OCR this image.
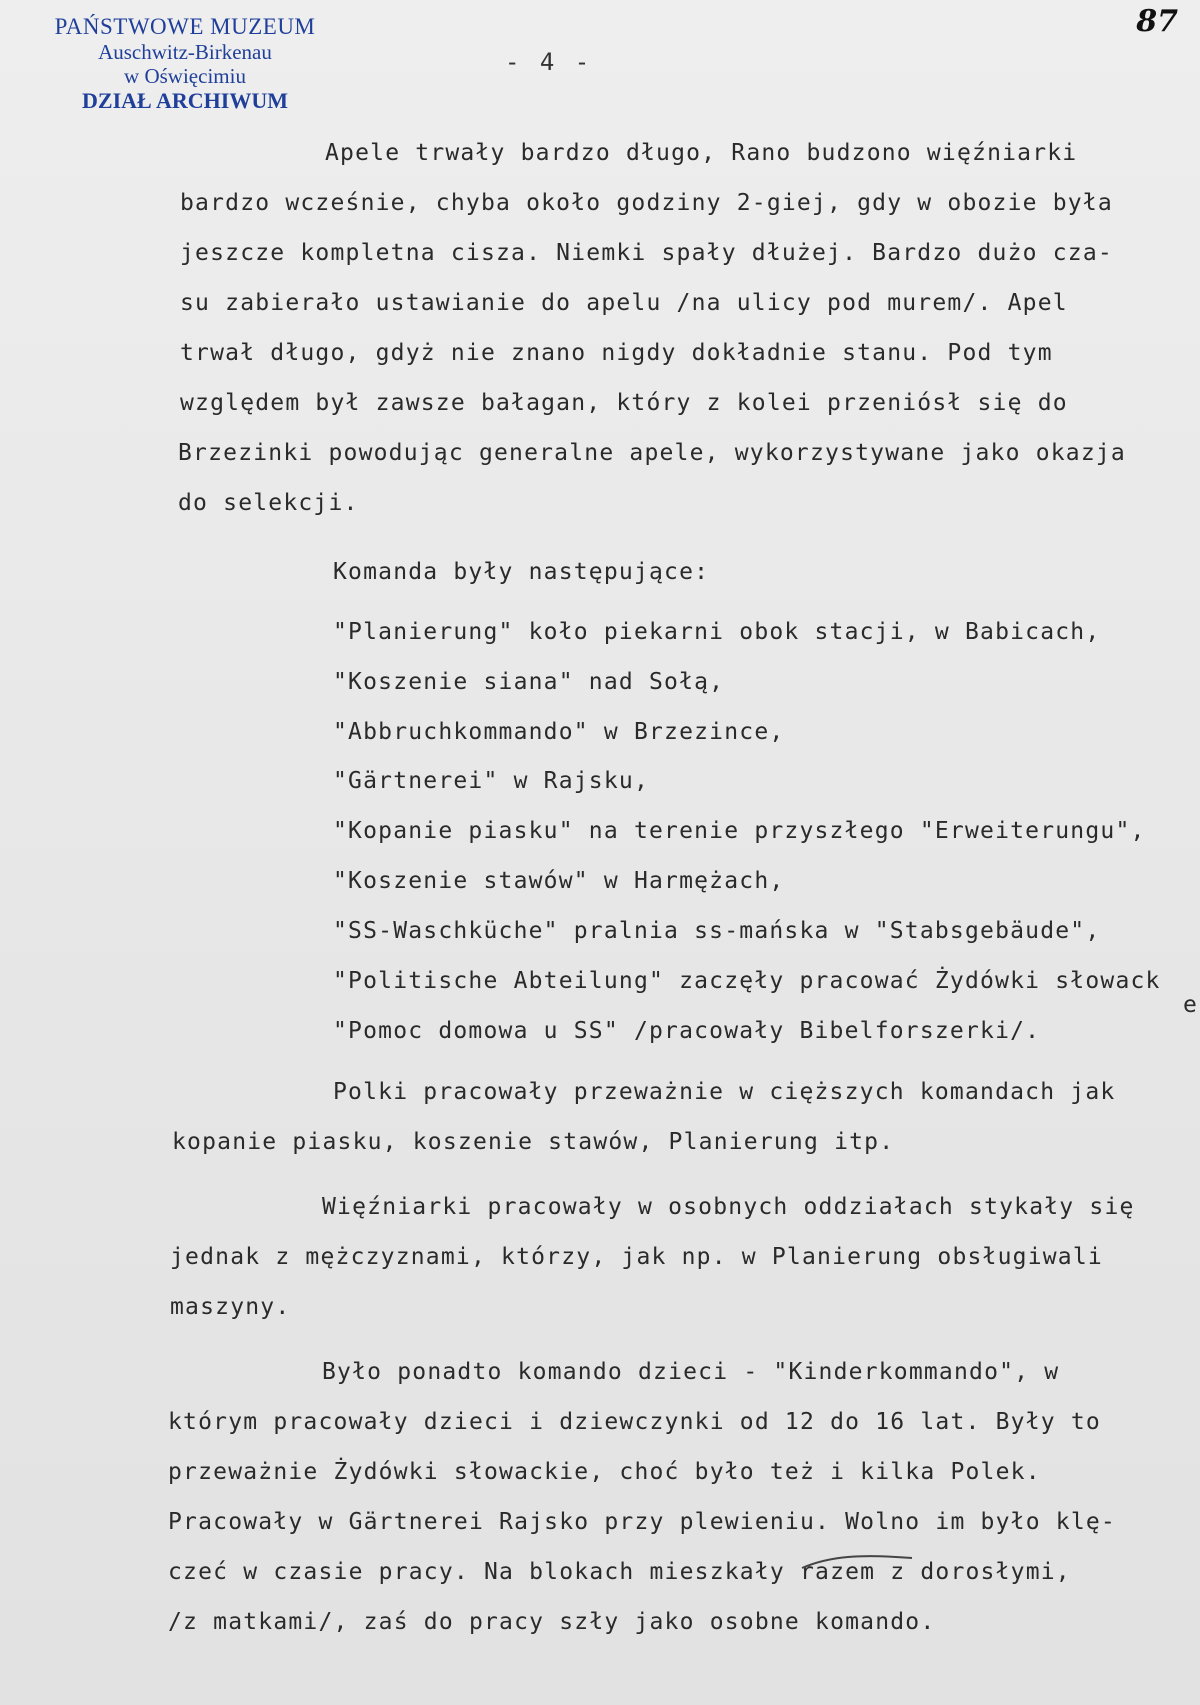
PAŃSTWOWE MUZEUM
Auschwitz-Birkenau
w Oświęcimiu
DZIAŁ ARCHIWUM
87
- 4 -
Apele trwały bardzo długo, Rano budzono więźniarki
bardzo wcześnie, chyba około godziny 2-giej, gdy w obozie była
jeszcze kompletna cisza. Niemki spały dłużej. Bardzo dużo cza-
su zabierało ustawianie do apelu /na ulicy pod murem/. Apel
trwał długo, gdyż nie znano nigdy dokładnie stanu. Pod tym
względem był zawsze bałagan, który z kolei przeniósł się do
Brzezinki powodując generalne apele, wykorzystywane jako okazja
do selekcji.
Komanda były następujące:
"Planierung" koło piekarni obok stacji, w Babicach,
"Koszenie siana" nad Sołą,
"Abbruchkommando" w Brzezince,
"Gärtnerei" w Rajsku,
"Kopanie piasku" na terenie przyszłego "Erweiterungu",
"Koszenie stawów" w Harmężach,
"SS-Waschküche" pralnia ss-mańska w "Stabsgebäude",
"Politische Abteilung" zaczęły pracować Żydówki słowack
e
"Pomoc domowa u SS" /pracowały Bibelforszerki/.
Polki pracowały przeważnie w cięższych komandach jak
kopanie piasku, koszenie stawów, Planierung itp.
Więźniarki pracowały w osobnych oddziałach stykały się
jednak z mężczyznami, którzy, jak np. w Planierung obsługiwali
maszyny.
Było ponadto komando dzieci - "Kinderkommando", w
którym pracowały dzieci i dziewczynki od 12 do 16 lat. Były to
przeważnie Żydówki słowackie, choć było też i kilka Polek.
Pracowały w Gärtnerei Rajsko przy plewieniu. Wolno im było klę-
czeć w czasie pracy. Na blokach mieszkały razem z dorosłymi,
/z matkami/, zaś do pracy szły jako osobne komando.
